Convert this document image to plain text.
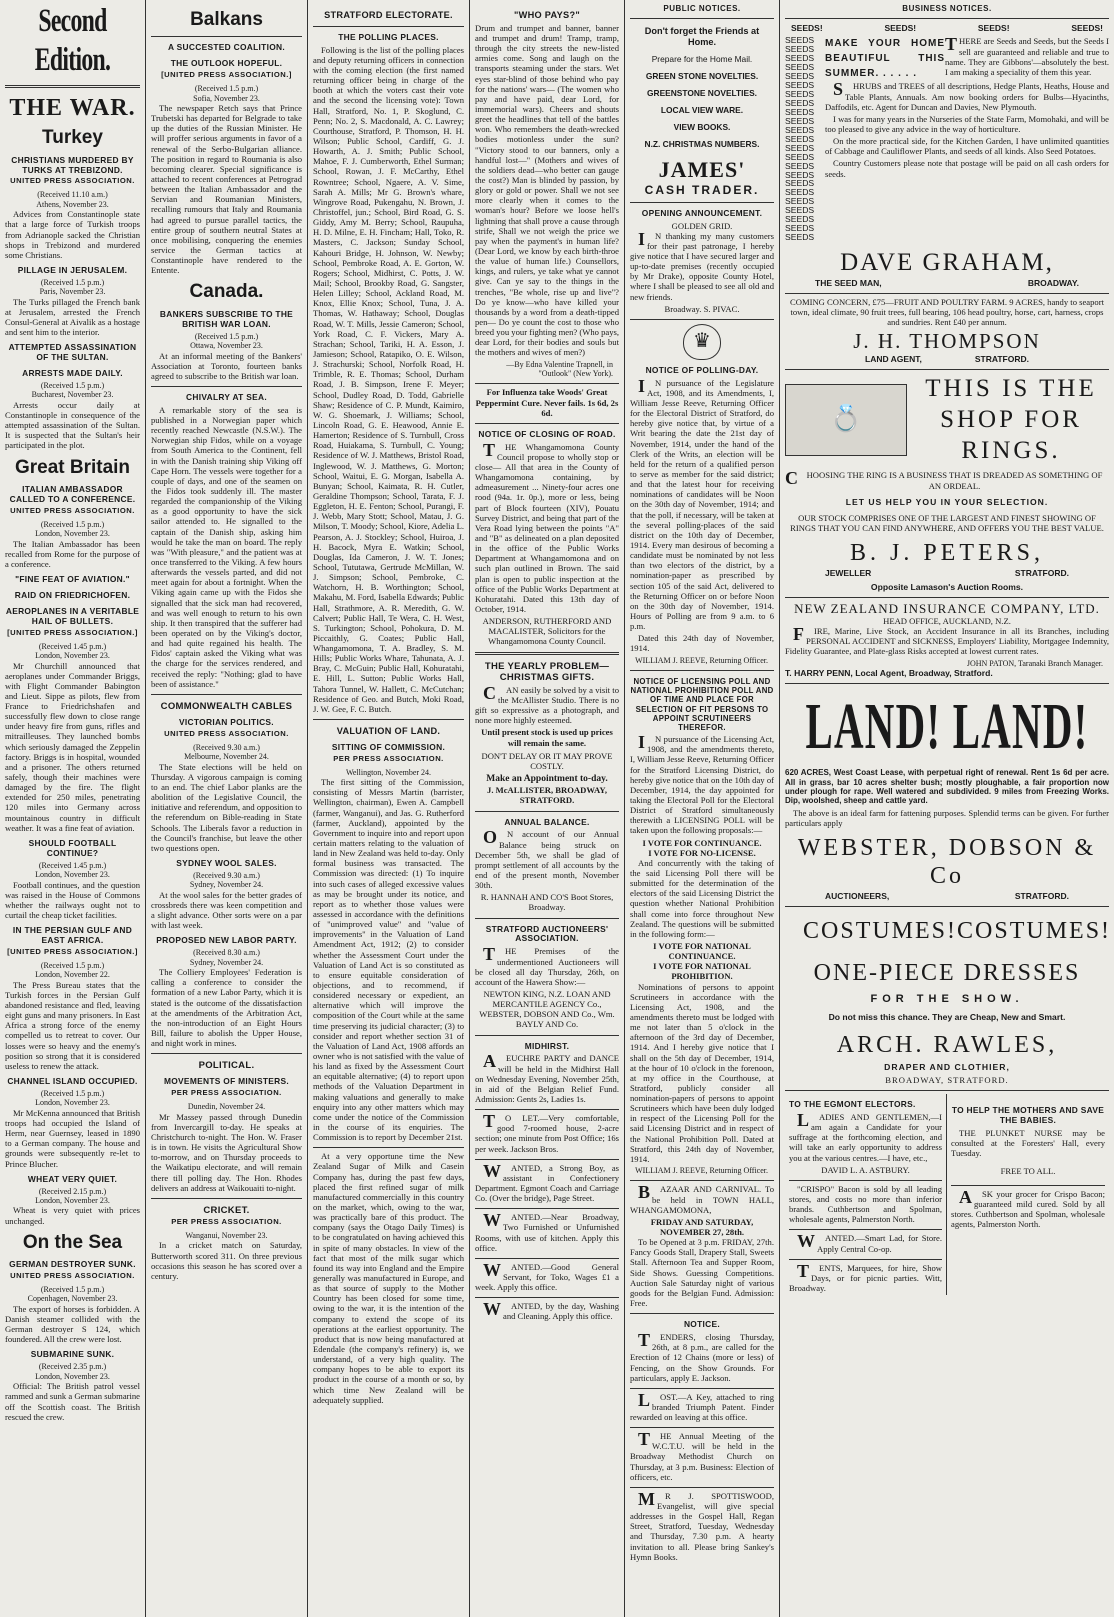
Second Edition.
THE WAR.
Turkey
CHRISTIANS MURDERED BY TURKS AT TREBIZOND.
UNITED PRESS ASSOCIATION.
(Received 11.10 a.m.)
Athens, November 23.

Advices from Constantinople state that a large force of Turkish troops from Adrianople sacked the Christian shops in Trebizond and murdered some Christians.

PILLAGE IN JERUSALEM.
(Received 1.5 p.m.)
Paris, November 23.

The Turks pillaged the French bank at Jerusalem, arrested the French Consul-General at Aivalik as a hostage and sent him to the interior.

ATTEMPTED ASSASSINATION OF THE SULTAN.
ARRESTS MADE DAILY.
(Received 1.5 p.m.)
Bucharest, November 23.

Arrests occur daily at Constantinople in consequence of the attempted assassination of the Sultan. It is suspected that the Sultan's heir participated in the plot.

Great Britain
ITALIAN AMBASSADOR CALLED TO A CONFERENCE.
UNITED PRESS ASSOCIATION.
(Received 1.5 p.m.)
London, November 23.

The Italian Ambassador has been recalled from Rome for the purpose of a conference.

"FINE FEAT OF AVIATION."
RAID ON FRIEDRICHOFEN.
AEROPLANES IN A VERITABLE HAIL OF BULLETS.
[UNITED PRESS ASSOCIATION.]
(Received 1.45 p.m.)
London, November 23.

Mr Churchill announced that aeroplanes under Commander Briggs, with Flight Commander Babington and Lieut. Sippe as pilots, flew from France to Friedrichshafen and successfully flew down to close range under heavy fire from guns, rifles and mitrailleuses. They launched bombs which seriously damaged the Zeppelin factory. Briggs is in hospital, wounded and a prisoner. The others returned safely, though their machines were damaged by the fire. The flight extended for 250 miles, penetrating 120 miles into Germany across mountainous country in difficult weather. It was a fine feat of aviation.

SHOULD FOOTBALL CONTINUE?
(Received 1.45 p.m.)
London, November 23.

Football continues, and the question was raised in the House of Commons whether the railways ought not to curtail the cheap ticket facilities.

IN THE PERSIAN GULF AND EAST AFRICA.
[UNITED PRESS ASSOCIATION.]
(Received 1.5 p.m.)
London, November 22.

The Press Bureau states that the Turkish forces in the Persian Gulf abandoned resistance and fled, leaving eight guns and many prisoners. In East Africa a strong force of the enemy compelled us to retreat to cover. Our losses were so heavy and the enemy's position so strong that it is considered useless to renew the attack.

CHANNEL ISLAND OCCUPIED.
(Received 1.5 p.m.)
London, November 23.

Mr McKenna announced that British troops had occupied the Island of Herm, near Guernsey, leased in 1890 to a German company. The house and grounds were subsequently re-let to Prince Blucher.

WHEAT VERY QUIET.
(Received 2.15 p.m.)
London, November 23.

Wheat is very quiet with prices unchanged.

On the Sea
GERMAN DESTROYER SUNK.
UNITED PRESS ASSOCIATION.
(Received 1.5 p.m.)
Copenhagen, November 23.

The export of horses is forbidden. A Danish steamer collided with the German destroyer S 124, which foundered. All the crew were lost.

SUBMARINE SUNK.
(Received 2.35 p.m.)
London, November 23.

Official: The British patrol vessel rammed and sunk a German submarine off the Scottish coast. The British rescued the crew.

Balkans
A SUCCESTED COALITION.
THE OUTLOOK HOPEFUL.
[UNITED PRESS ASSOCIATION.]
(Received 1.5 p.m.)
Sofia, November 23.

The newspaper Retch says that Prince Trubetski has departed for Belgrade to take up the duties of the Russian Minister. He will proffer serious arguments in favor of a renewal of the Serbo-Bulgarian alliance. The position in regard to Roumania is also becoming clearer. Special significance is attached to recent conferences at Petrograd between the Italian Ambassador and the Servian and Roumanian Ministers, recalling rumours that Italy and Roumania had agreed to pursue parallel tactics, the entire group of southern neutral States at once mobilising, conquering the enemies service the German tactics at Constantinople have rendered to the Entente.

Canada.
BANKERS SUBSCRIBE TO THE BRITISH WAR LOAN.
(Received 1.5 p.m.)
Ottawa, November 23.

At an informal meeting of the Bankers' Association at Toronto, fourteen banks agreed to subscribe to the British war loan.

CHIVALRY AT SEA.

A remarkable story of the sea is published in a Norwegian paper which recently reached Newcastle (N.S.W.). The Norwegian ship Fidos, while on a voyage from South America to the Continent, fell in with the Danish training ship Viking off Cape Horn. The vessels were together for a couple of days, and one of the seamen on the Fidos took suddenly ill. The master regarded the companionship of the Viking as a good opportunity to have the sick sailor attended to. He signalled to the captain of the Danish ship, asking him would he take the man on board. The reply was "With pleasure," and the patient was at once transferred to the Viking. A few hours afterwards the vessels parted, and did not meet again for about a fortnight. When the Viking again came up with the Fidos she signalled that the sick man had recovered, and was well enough to return to his own ship. It then transpired that the sufferer had been operated on by the Viking's doctor, and had quite regained his health. The Fidos' captain asked the Viking what was the charge for the services rendered, and received the reply: "Nothing; glad to have been of assistance."

COMMONWEALTH CABLES
VICTORIAN POLITICS.
UNITED PRESS ASSOCIATION.
(Received 9.30 a.m.)
Melbourne, November 24.

The State elections will be held on Thursday. A vigorous campaign is coming to an end. The chief Labor planks are the abolition of the Legislative Council, the initiative and referendum, and opposition to the referendum on Bible-reading in State Schools. The Liberals favor a reduction in the Council's franchise, but leave the other two questions open.

SYDNEY WOOL SALES.
(Received 9.30 a.m.)
Sydney, November 24.

At the wool sales for the better grades of crossbreds there was keen competition and a slight advance. Other sorts were on a par with last week.

PROPOSED NEW LABOR PARTY.
(Received 8.30 a.m.)
Sydney, November 24.

The Colliery Employees' Federation is calling a conference to consider the formation of a new Labor Party, which it is stated is the outcome of the dissatisfaction at the amendments of the Arbitration Act, the non-introduction of an Eight Hours Bill, failure to abolish the Upper House, and night work in mines.

POLITICAL.
MOVEMENTS OF MINISTERS.
PER PRESS ASSOCIATION.
Dunedin, November 24.

Mr Massey passed through Dunedin from Invercargill to-day. He speaks at Christchurch to-night. The Hon. W. Fraser is in town. He visits the Agricultural Show to-morrow, and on Thursday proceeds to the Waikatipu electorate, and will remain there till polling day. The Hon. Rhodes delivers an address at Waikouaiti to-night.

CRICKET.
PER PRESS ASSOCIATION.
Wanganui, November 23.

In a cricket match on Saturday, Butterworth scored 311. On three previous occasions this season he has scored over a century.

STRATFORD ELECTORATE.
THE POLLING PLACES.

Following is the list of the polling places and deputy returning officers in connection with the coming election (the first named returning officer being in charge of the booth at which the voters cast their vote and the second the licensing vote): Town Hall, Stratford, No. 1, P. Skoglund, C. Penn; No. 2, S. Macdonald, A. C. Lawrey; Courthouse, Stratford, P. Thomson, H. H. Wilson; Public School, Cardiff, G. J. Howarth, A. J. Smith; Public School, Mahoe, F. J. Cumberworth, Ethel Surman; School, Rowan, J. F. McCarthy, Ethel Rowntree; School, Ngaere, A. V. Sime, Sarah A. Mills; Mr G. Brown's whare, Wingrove Road, Pukengahu, N. Brown, J. Christoffel, jun.; School, Bird Road, G. S. Giddy, Amy M. Berry; School, Raupuha, H. D. Milne, E. H. Fincham; Hall, Toko, R. Masters, C. Jackson; Sunday School, Kahouri Bridge, H. Johnson, W. Newby; School, Pembroke Road, A. E. Gorton, W. Rogers; School, Midhirst, C. Potts, J. W. Mail; School, Brookby Road, G. Sangster, Helen Lilley; School, Ackland Road, M. Knox, Ellie Knox; School, Tuna, J. A. Thomas, W. Hathaway; School, Douglas Road, W. T. Mills, Jessie Cameron; School, York Road, C. F. Vickers, Mary A. Strachan; School, Tariki, H. A. Esson, J. Jamieson; School, Ratapiko, O. E. Wilson, J. Strachurski; School, Norfolk Road, H. Trimble, R. E. Thomas; School, Durham Road, J. B. Simpson, Irene F. Meyer; School, Dudley Road, D. Todd, Gabrielle Shaw; Residence of C. P. Mundt, Kaimiro, W. G. Shoemark, J. Williams; School, Lincoln Road, G. E. Heawood, Annie E. Hamerton; Residence of S. Turnbull, Cross Road, Huiakama, S. Turnbull, C. Young; Residence of W. J. Matthews, Bristol Road, Inglewood, W. J. Matthews, G. Morton; School, Waitui, E. G. Morgan, Isabella A. Bunyan; School, Kaimata, R. H. Cutler, Geraldine Thompson; School, Tarata, F. J. Eggleton, H. E. Fenton; School, Purangi, F. J. Webb, Mary Stott; School, Matau, J. G. Milson, T. Moody; School, Kiore, Adelia L. Pearson, A. J. Stockley; School, Huiroa, J. H. Bacock, Myra E. Watkin; School, Douglas, Ida Cameron, J. W. T. Jones; School, Tututawa, Gertrude McMillan, W. J. Simpson; School, Pembroke, C. Watchorn, H. B. Worthington; School, Makahu, M. Ford, Isabella Edwards; Public Hall, Strathmore, A. R. Meredith, G. W. Calvert; Public Hall, Te Wera, C. H. West, S. Turkington; School, Pohokura, D. M. Piccaithly, G. Coates; Public Hall, Whangamomona, T. A. Bradley, S. M. Hills; Public Works Whare, Tahunata, A. J. Bray, C. McGuin; Public Hall, Kohuratahi, E. Hill, L. Sutton; Public Works Hall, Tahora Tunnel, W. Hallett, C. McCutchan; Residence of Geo. and Butch, Moki Road, J. W. Gee, F. C. Butch.

VALUATION OF LAND.
SITTING OF COMMISSION.
PER PRESS ASSOCIATION.
Wellington, November 24.

The first sitting of the Commission, consisting of Messrs Martin (barrister, Wellington, chairman), Ewen A. Campbell (farmer, Wanganui), and Jas. G. Rutherford (farmer, Auckland), appointed by the Government to inquire into and report upon certain matters relating to the valuation of land in New Zealand was held to-day. Only formal business was transacted. The Commission was directed: (1) To inquire into such cases of alleged excessive values as may be brought under its notice, and report as to whether those values were assessed in accordance with the definitions of "unimproved value" and "value of improvements" in the Valuation of Land Amendment Act, 1912; (2) to consider whether the Assessment Court under the Valuation of Land Act is so constituted as to ensure equitable consideration of objections, and to recommend, if considered necessary or expedient, an alternative which will improve the composition of the Court while at the same time preserving its judicial character; (3) to consider and report whether section 31 of the Valuation of Land Act, 1908 affords an owner who is not satisfied with the value of his land as fixed by the Assessment Court an equitable alternative; (4) to report upon methods of the Valuation Department in making valuations and generally to make enquiry into any other matters which may come under the notice of the Commission in the course of its enquiries. The Commission is to report by December 21st.

At a very opportune time the New Zealand Sugar of Milk and Casein Company has, during the past few days, placed the first refined sugar of milk manufactured commercially in this country on the market, which, owing to the war, was practically bare of this product. The company (says the Otago Daily Times) is to be congratulated on having achieved this in spite of many obstacles. In view of the fact that most of the milk sugar which found its way into England and the Empire generally was manufactured in Europe, and as that source of supply to the Mother Country has been closed for some time, owing to the war, it is the intention of the company to extend the scope of its operations at the earliest opportunity. The product that is now being manufactured at Edendale (the company's refinery) is, we understand, of a very high quality. The company hopes to be able to export its product in the course of a month or so, by which time New Zealand will be adequately supplied.

"WHO PAYS?"

Drum and trumpet and banner, banner and trumpet and drum! Tramp, tramp, through the city streets the new-listed armies come. Song and laugh on the transports steaming under the stars. Wet eyes star-blind of those behind who pay for the nations' wars— (The women who pay and have paid, dear Lord, for immemorial wars). Cheers and shouts greet the headlines that tell of the battles won. Who remembers the death-wrecked bodies motionless under the sun? "Victory stood to our banners, only a handful lost—" (Mothers and wives of the soldiers dead—who better can gauge the cost?) Man is blinded by passion, by glory or gold or power. Shall we not see more clearly when it comes to the woman's hour? Before we loose hell's lightning that shall prove a cause through strife, Shall we not weigh the price we pay when the payment's in human life? (Dear Lord, we know by each birth-throe the value of human life.) Counsellors, kings, and rulers, ye take what ye cannot give. Can ye say to the things in the trenches, "Be whole, rise up and live"? Do ye know—who have killed your thousands by a word from a death-tipped pen— Do ye count the cost to those who breed you your fighting men? (Who pays, dear Lord, for their bodies and souls but the mothers and wives of men?)

—By Edna Valentine Trapnell, in "Outlook" (New York).
For Influenza take Woods' Great Peppermint Cure. Never fails. 1s 6d, 2s 6d.
NOTICE OF CLOSING OF ROAD.

THE Whangamomona County Council propose to wholly stop or close— All that area in the County of Whangamomona containing, by admeasurement ... Ninety-four acres one rood (94a. 1r. 0p.), more or less, being part of Block fourteen (XIV), Pouatu Survey District, and being that part of the Vera Road lying between the points "A" and "B" as delineated on a plan deposited in the office of the Public Works Department at Whangamomona and on such plan outlined in Brown. The said plan is open to public inspection at the office of the Public Works Department at Kohuratahi. Dated this 13th day of October, 1914.

ANDERSON, RUTHERFORD AND MACALISTER, Solicitors for the Whangamomona County Council.
THE YEARLY PROBLEM— CHRISTMAS GIFTS.

CAN easily be solved by a visit to the McAllister Studio. There is no gift so expressive as a photograph, and none more highly esteemed.

Until present stock is used up prices will remain the same.
DON'T DELAY OR IT MAY PROVE COSTLY.
Make an Appointment to-day.
J. McALLISTER, BROADWAY, STRATFORD.
ANNUAL BALANCE.

ON account of our Annual Balance being struck on December 5th, we shall be glad of prompt settlement of all accounts by the end of the present month, November 30th.

R. HANNAH AND CO'S Boot Stores, Broadway.
STRATFORD AUCTIONEERS' ASSOCIATION.

THE Premises of the undermentioned Auctioneers will be closed all day Thursday, 26th, on account of the Hawera Show:—

NEWTON KING, N.Z. LOAN AND MERCANTILE AGENCY Co., WEBSTER, DOBSON AND Co., Wm. BAYLY AND Co.
MIDHIRST.

AEUCHRE PARTY and DANCE will be held in the Midhirst Hall on Wednesday Evening, November 25th, in aid of the Belgian Relief Fund. Admission: Gents 2s, Ladies 1s.

TO LET.—Very comfortable, good 7-roomed house, 2-acre section; one minute from Post Office; 16s per week. Jackson Bros.

WANTED, a Strong Boy, as assistant in Confectionery Department. Egmont Coach and Carriage Co. (Over the bridge), Page Street.

WANTED.—Near Broadway, Two Furnished or Unfurnished Rooms, with use of kitchen. Apply this office.

WANTED.—Good General Servant, for Toko, Wages £1 a week. Apply this office.

WANTED, by the day, Washing and Cleaning. Apply this office.

PUBLIC NOTICES.
Don't forget the Friends at Home.
Prepare for the Home Mail.
GREEN STONE NOVELTIES.
GREENSTONE NOVELTIES.
LOCAL VIEW WARE.
VIEW BOOKS.
N.Z. CHRISTMAS NUMBERS.
JAMES'
CASH TRADER.
OPENING ANNOUNCEMENT.
GOLDEN GRID.

IN thanking my many customers for their past patronage, I hereby give notice that I have secured larger and up-to-date premises (recently occupied by Mr Drake), opposite County Hotel, where I shall be pleased to see all old and new friends.

Broadway. S. PIVAC.
♛
NOTICE OF POLLING-DAY.

IN pursuance of the Legislature Act, 1908, and its Amendments, I, William Jesse Reeve, Returning Officer for the Electoral District of Stratford, do hereby give notice that, by virtue of a Writ bearing the date the 21st day of November, 1914, under the hand of the Clerk of the Writs, an election will be held for the return of a qualified person to serve as member for the said district; and that the latest hour for receiving nominations of candidates will be Noon on the 30th day of November, 1914; and that the poll, if necessary, will be taken at the several polling-places of the said district on the 10th day of December, 1914. Every man desirous of becoming a candidate must be nominated by not less than two electors of the district, by a nomination-paper as prescribed by section 105 of the said Act, delivered to the Returning Officer on or before Noon on the 30th day of November, 1914. Hours of Polling are from 9 a.m. to 6 p.m.

Dated this 24th day of November, 1914.

WILLIAM J. REEVE, Returning Officer.
NOTICE OF LICENSING POLL AND NATIONAL PROHIBITION POLL AND OF TIME AND PLACE FOR SELECTION OF FIT PERSONS TO APPOINT SCRUTINEERS THEREFOR.

IN pursuance of the Licensing Act, 1908, and the amendments thereto, I, William Jesse Reeve, Returning Officer for the Stratford Licensing District, do hereby give notice that on the 10th day of December, 1914, the day appointed for taking the Electoral Poll for the Electoral District of Stratford simultaneously therewith a LICENSING POLL will be taken upon the following proposals:—

I VOTE FOR CONTINUANCE.
I VOTE FOR NO-LICENSE.

And concurrently with the taking of the said Licensing Poll there will be submitted for the determination of the electors of the said Licensing District the question whether National Prohibition shall come into force throughout New Zealand. The questions will be submitted in the following form:—

I VOTE FOR NATIONAL CONTINUANCE.
I VOTE FOR NATIONAL PROHIBITION.

Nominations of persons to appoint Scrutineers in accordance with the Licensing Act, 1908, and the amendments thereto must be lodged with me not later than 5 o'clock in the afternoon of the 3rd day of December, 1914. And I hereby give notice that I shall on the 5th day of December, 1914, at the hour of 10 o'clock in the forenoon, at my office in the Courthouse, at Stratford, publicly consider all nomination-papers of persons to appoint Scrutineers which have been duly lodged in respect of the Licensing Poll for the said Licensing District and in respect of the National Prohibition Poll. Dated at Stratford, this 24th day of November, 1914.

WILLIAM J. REEVE, Returning Officer.

BAZAAR AND CARNIVAL. To be held in TOWN HALL, WHANGAMOMONA,

FRIDAY AND SATURDAY, NOVEMBER 27, 28th.

To be Opened at 3 p.m. FRIDAY, 27th. Fancy Goods Stall, Drapery Stall, Sweets Stall. Afternoon Tea and Supper Room, Side Shows. Guessing Competitions. Auction Sale Saturday night of various goods for the Belgian Fund. Admission: Free.

NOTICE.

TENDERS, closing Thursday, 26th, at 8 p.m., are called for the Erection of 12 Chains (more or less) of Fencing, on the Show Grounds. For particulars, apply E. Jackson.

LOST.—A Key, attached to ring branded Triumph Patent. Finder rewarded on leaving at this office.

THE Annual Meeting of the W.C.T.U. will be held in the Broadway Methodist Church on Thursday, at 3 p.m. Business: Election of officers, etc.

MR J. SPOTTISWOOD, Evangelist, will give special addresses in the Gospel Hall, Regan Street, Stratford, Tuesday, Wednesday and Thursday, 7.30 p.m. A hearty invitation to all. Please bring Sankey's Hymn Books.

BUSINESS NOTICES.
SEEDS!	SEEDS!	SEEDS!	SEEDS!
SEEDS
SEEDS
SEEDS
SEEDS
SEEDS
SEEDS
SEEDS
SEEDS
SEEDS
SEEDS
SEEDS
SEEDS
SEEDS
SEEDS
SEEDS
SEEDS
SEEDS
SEEDS
SEEDS
SEEDS
SEEDS
SEEDS
SEEDS
MAKE YOUR HOME BEAUTIFUL THIS SUMMER. . . . . .

THERE are Seeds and Seeds, but the Seeds I sell are guaranteed and reliable and true to name. They are Gibbons'—absolutely the best. I am making a speciality of them this year.

SHRUBS and TREES of all descriptions, Hedge Plants, Heaths, House and Table Plants, Annuals. Am now booking orders for Bulbs—Hyacinths, Daffodils, etc. Agent for Duncan and Davies, New Plymouth.

I was for many years in the Nurseries of the State Farm, Momohaki, and will be too pleased to give any advice in the way of horticulture.

On the more practical side, for the Kitchen Garden, I have unlimited quantities of Cabbage and Cauliflower Plants, and seeds of all kinds. Also Seed Potatoes.

Country Customers please note that postage will be paid on all cash orders for seeds.

DAVE GRAHAM,
THE SEED MAN,	BROADWAY.

COMING CONCERN, £75—FRUIT AND POULTRY FARM. 9 ACRES, handy to seaport town, ideal climate, 90 fruit trees, full bearing, 106 head poultry, horse, cart, harness, crops and sundries. Rent £40 per annum.

J. H. THOMPSON
LAND AGENT,	STRATFORD.
💍
THIS IS THE
SHOP FOR
RINGS.

CHOOSING THE RING IS A BUSINESS THAT IS DREADED AS SOMETHING OF AN ORDEAL.

LET US HELP YOU IN YOUR SELECTION.

OUR STOCK COMPRISES ONE OF THE LARGEST AND FINEST SHOWING OF RINGS THAT YOU CAN FIND ANYWHERE, AND OFFERS YOU THE BEST VALUE.

B. J. PETERS,
JEWELLER	STRATFORD.
Opposite Lamason's Auction Rooms.
NEW ZEALAND INSURANCE COMPANY, LTD.
HEAD OFFICE, AUCKLAND, N.Z.

FIRE, Marine, Live Stock, an Accident Insurance in all its Branches, including PERSONAL ACCIDENT and SICKNESS, Employers' Liability, Mortgagee Indemnity, Fidelity Guarantee, and Plate-glass Risks accepted at lowest current rates.

JOHN PATON, Taranaki Branch Manager.
T. HARRY PENN, Local Agent, Broadway, Stratford.
LAND! LAND!

620 ACRES, West Coast Lease, with perpetual right of renewal. Rent 1s 6d per acre. All in grass, bar 10 acres shelter bush; mostly ploughable, a fair proportion now under plough for rape. Well watered and subdivided. 9 miles from Freezing Works. Dip, woolshed, sheep and cattle yard.

The above is an ideal farm for fattening purposes. Splendid terms can be given. For further particulars apply

WEBSTER, DOBSON & Co
AUCTIONEERS,	STRATFORD.
COSTUMES! COSTUMES!
ONE-PIECE DRESSES
FOR THE SHOW.
Do not miss this chance. They are Cheap, New and Smart.
ARCH. RAWLES,
DRAPER AND CLOTHIER,
BROADWAY, STRATFORD.
TO THE EGMONT ELECTORS.

LADIES AND GENTLEMEN,—I am again a Candidate for your suffrage at the forthcoming election, and will take an early opportunity to address you at the various centres.—I have, etc.,

DAVID L. A. ASTBURY.

"CRISPO" Bacon is sold by all leading stores, and costs no more than inferior brands. Cuthbertson and Spolman, wholesale agents, Palmerston North.

WANTED.—Smart Lad, for Store. Apply Central Co-op.

TENTS, Marquees, for hire, Show Days, or for picnic parties. Witt, Broadway.

TO HELP THE MOTHERS AND SAVE THE BABIES.

THE PLUNKET NURSE may be consulted at the Foresters' Hall, every Tuesday.

FREE TO ALL.

ASK your grocer for Crispo Bacon; guaranteed mild cured. Sold by all stores. Cuthbertson and Spolman, wholesale agents, Palmerston North.
